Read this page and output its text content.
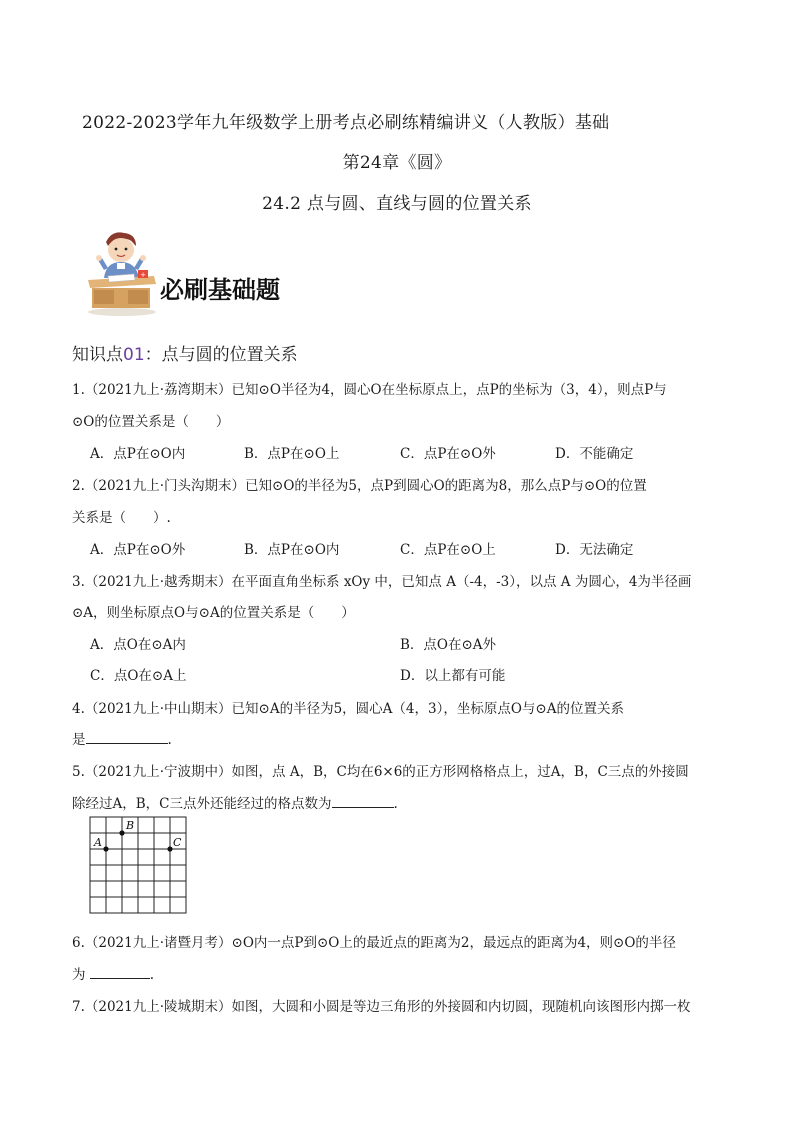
2022-2023学年九年级数学上册考点必刷练精编讲义（人教版）基础
第24章《圆》
24.2 点与圆、直线与圆的位置关系
+ 必刷基础题
知识点01：点与圆的位置关系
1.（2021九上·荔湾期末）已知⊙O半径为4，圆心O在坐标原点上，点P的坐标为（3，4），则点P与
⊙O的位置关系是（　　）
A．点P在⊙O内	B．点P在⊙O上	C．点P在⊙O外	D．不能确定
2.（2021九上·门头沟期末）已知⊙O的半径为5，点P到圆心O的距离为8，那么点P与⊙O的位置
关系是（　　）.
A．点P在⊙O外	B．点P在⊙O内	C．点P在⊙O上	D．无法确定
3.（2021九上·越秀期末）在平面直角坐标系 xOy 中，已知点 A（-4，-3），以点 A 为圆心，4为半径画
⊙A，则坐标原点O与⊙A的位置关系是（　　）
A．点O在⊙A内	B．点O在⊙A外
C．点O在⊙A上	D．以上都有可能
4.（2021九上·中山期末）已知⊙A的半径为5，圆心A（4，3），坐标原点O与⊙A的位置关系
是	.
5.（2021九上·宁波期中）如图，点 A，B，C均在6×6的正方形网格格点上，过A，B，C三点的外接圆
除经过A，B，C三点外还能经过的格点数为	.
A
B
C
6.（2021九上·诸暨月考）⊙O内一点P到⊙O上的最近点的距离为2，最远点的距离为4，则⊙O的半径
为	.
7.（2021九上·陵城期末）如图，大圆和小圆是等边三角形的外接圆和内切圆，现随机向该图形内掷一枚
